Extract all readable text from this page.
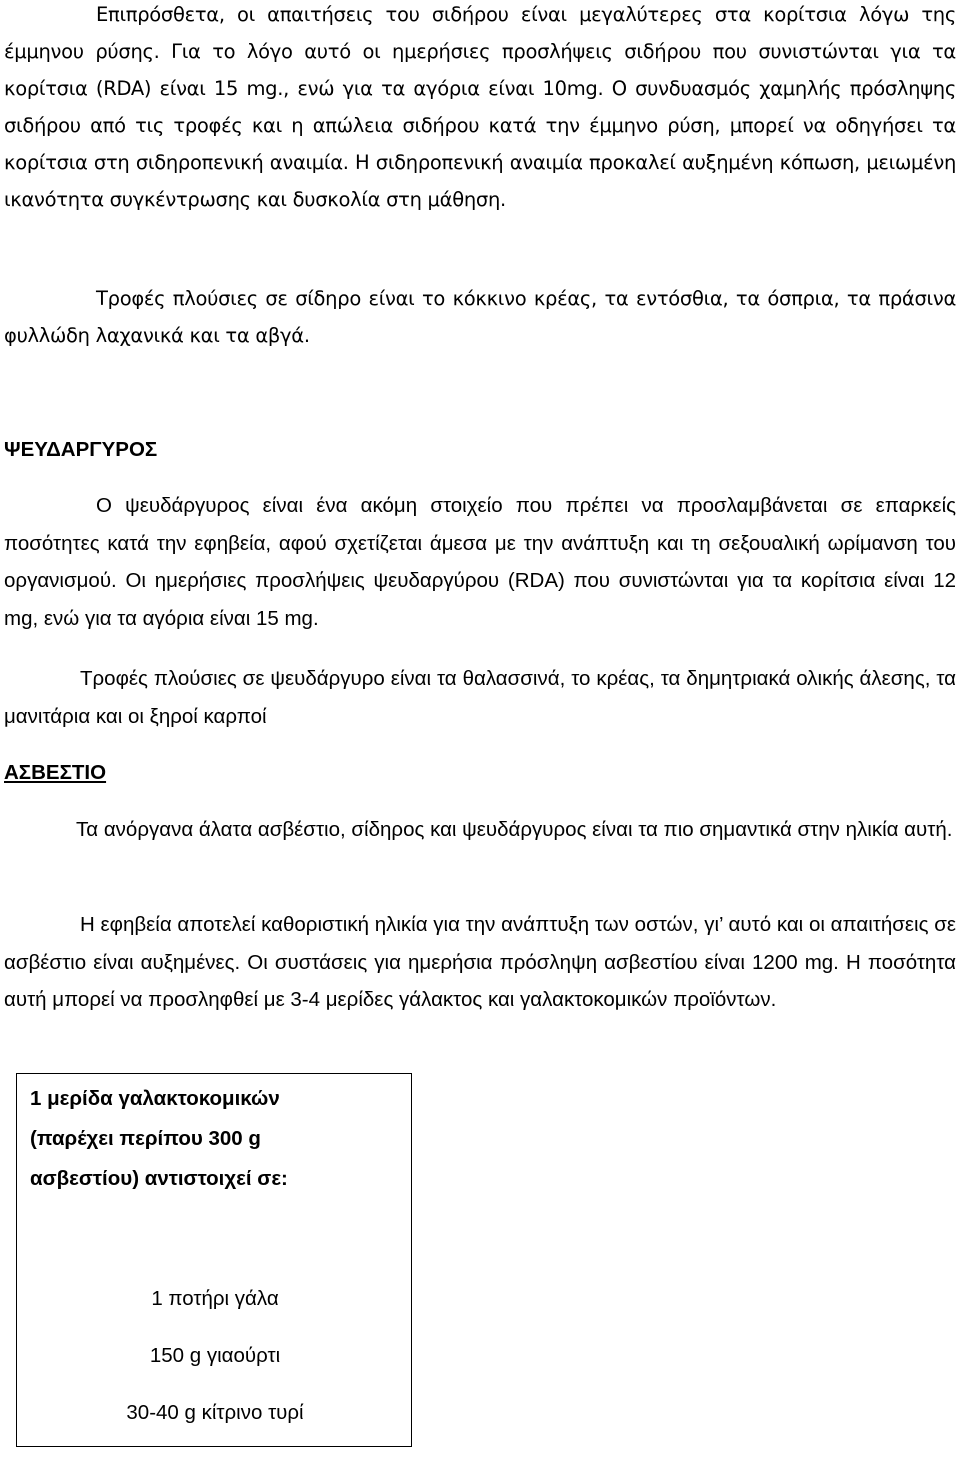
Επιπρόσθετα, οι απαιτήσεις του σιδήρου είναι μεγαλύτερες στα κορίτσια λόγω της έμμηνου ρύσης. Για το λόγο αυτό οι ημερήσιες προσλήψεις σιδήρου που συνιστώνται για τα κορίτσια (RDA) είναι 15 mg., ενώ για τα αγόρια είναι 10mg. Ο συνδυασμός χαμηλής πρόσληψης σιδήρου από τις τροφές και η απώλεια σιδήρου κατά την έμμηνο ρύση, μπορεί να οδηγήσει τα κορίτσια στη σιδηροπενική αναιμία. Η σιδηροπενική αναιμία προκαλεί αυξημένη κόπωση, μειωμένη ικανότητα συγκέντρωσης και δυσκολία στη μάθηση.

Τροφές πλούσιες σε σίδηρο είναι το κόκκινο κρέας, τα εντόσθια, τα όσπρια, τα πράσινα φυλλώδη λαχανικά και τα αβγά.

ΨΕΥΔΑΡΓΥΡΟΣ

Ο ψευδάργυρος είναι ένα ακόμη στοιχείο που πρέπει να προσλαμβάνεται σε επαρκείς ποσότητες κατά την εφηβεία, αφού σχετίζεται άμεσα με την ανάπτυξη και τη σεξουαλική ωρίμανση του οργανισμού. Οι ημερήσιες προσλήψεις ψευδαργύρου (RDA) που συνιστώνται για τα κορίτσια είναι 12 mg, ενώ για τα αγόρια είναι 15 mg.

Τροφές πλούσιες σε ψευδάργυρο είναι τα θαλασσινά, το κρέας, τα δημητριακά ολικής άλεσης, τα μανιτάρια και οι ξηροί καρποί

ΑΣΒΕΣΤΙΟ

Τα ανόργανα άλατα ασβέστιο, σίδηρος και ψευδάργυρος είναι τα πιο σημαντικά στην ηλικία αυτή.

Η εφηβεία αποτελεί καθοριστική ηλικία για την ανάπτυξη των οστών, γι’ αυτό και οι απαιτήσεις σε ασβέστιο είναι αυξημένες. Οι συστάσεις για ημερήσια πρόσληψη ασβεστίου είναι 1200 mg. Η ποσότητα αυτή μπορεί να προσληφθεί με 3-4 μερίδες γάλακτος και γαλακτοκομικών προϊόντων.

1 μερίδα γαλακτοκομικών
(παρέχει περίπου 300 g
ασβεστίου) αντιστοιχεί σε:
1 ποτήρι γάλα
150 g γιαούρτι
30-40 g κίτρινο τυρί
